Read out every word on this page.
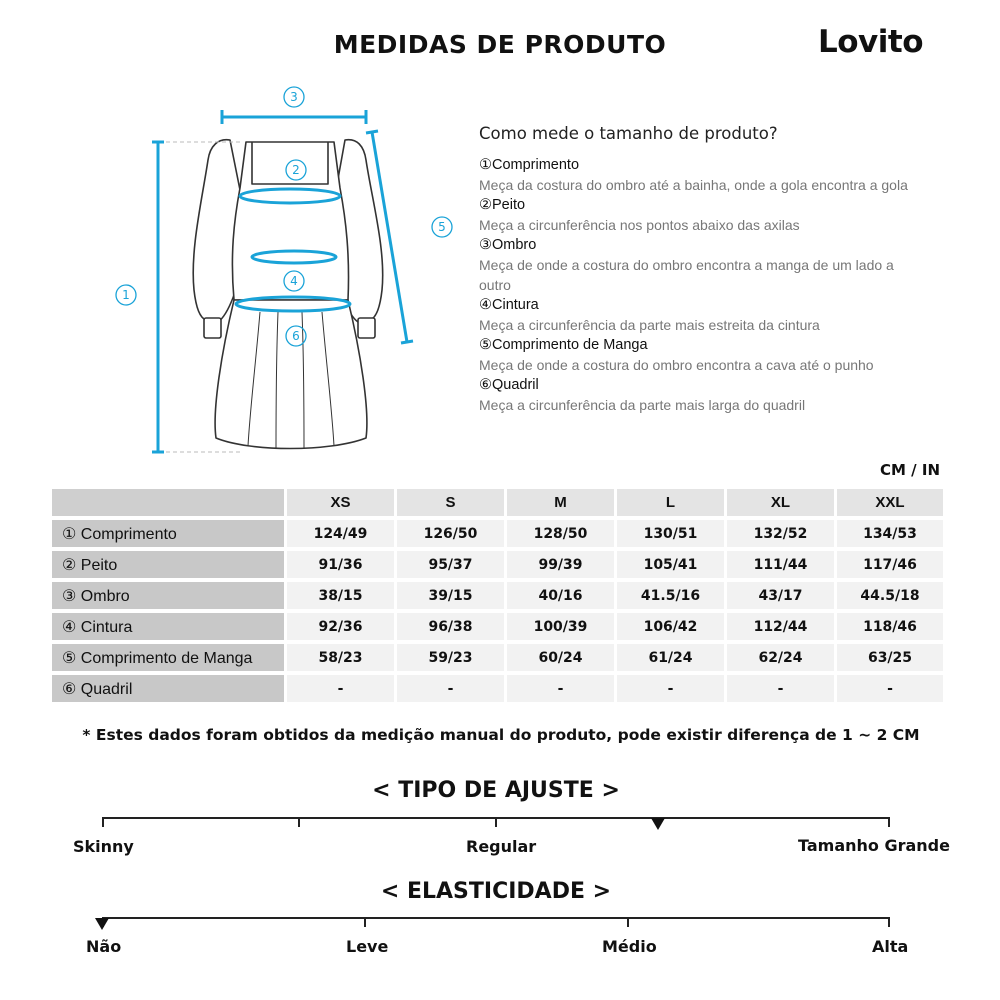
MEDIDAS DE PRODUTO	Lovito
3
2
1
4
5
6
Como mede o tamanho de produto?
①Comprimento
Meça da costura do ombro até a bainha, onde a gola encontra a gola
②Peito
Meça a circunferência nos pontos abaixo das axilas
③Ombro
Meça de onde a costura do ombro encontra a manga de um lado a outro
④Cintura
Meça a circunferência da parte mais estreita da cintura
⑤Comprimento de Manga
Meça de onde a costura do ombro encontra a cava até o punho
⑥Quadril
Meça a circunferência da parte mais larga do quadril
CM / IN
	XS	S	M	L	XL	XXL
① Comprimento	124/49	126/50	128/50	130/51	132/52	134/53
② Peito	91/36	95/37	99/39	105/41	111/44	117/46
③ Ombro	38/15	39/15	40/16	41.5/16	43/17	44.5/18
④ Cintura	92/36	96/38	100/39	106/42	112/44	118/46
⑤ Comprimento de Manga	58/23	59/23	60/24	61/24	62/24	63/25
⑥ Quadril	-	-	-	-	-	-
* Estes dados foram obtidos da medição manual do produto, pode existir diferença de 1 ~ 2 CM
< TIPO DE AJUSTE >
Skinny	Regular	Tamanho Grande
< ELASTICIDADE >
Não	Leve	Médio	Alta
